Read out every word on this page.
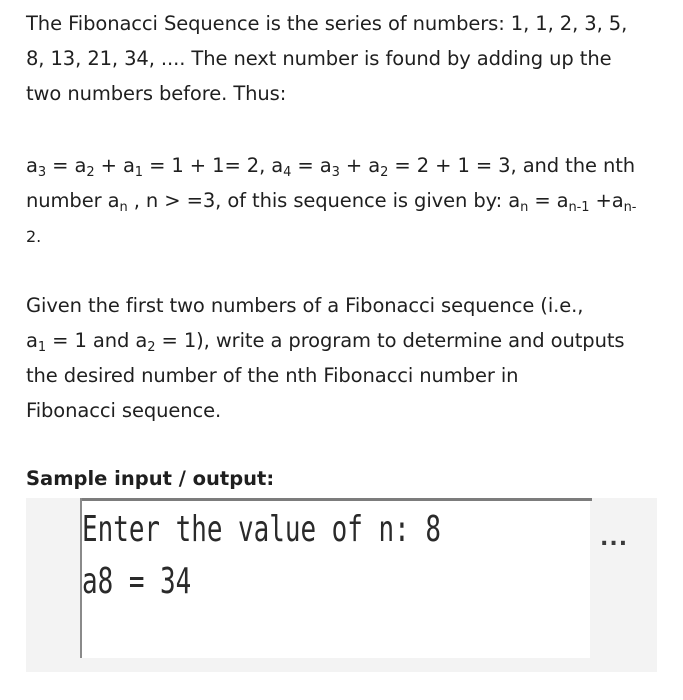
The Fibonacci Sequence is the series of numbers: 1, 1, 2, 3, 5,
8, 13, 21, 34, .... The next number is found by adding up the
two numbers before. Thus:

$a_3 = a_2 + a_1 = 1 + 1= 2$, $a_4 = a_3 + a_2 = 2 + 1 = 3$, and the nth
number $a_n$ , n > =3, of this sequence is given by: $a_n = a_{n-1} +a_{n-}$
2.

Given the first two numbers of a Fibonacci sequence (i.e.,
$a_1 = 1$ and $a_2 = 1$), write a program to determine and outputs
the desired number of the nth Fibonacci number in
Fibonacci sequence.

Sample input / output:

Enter the value of n: 8
a8 = 34
...
